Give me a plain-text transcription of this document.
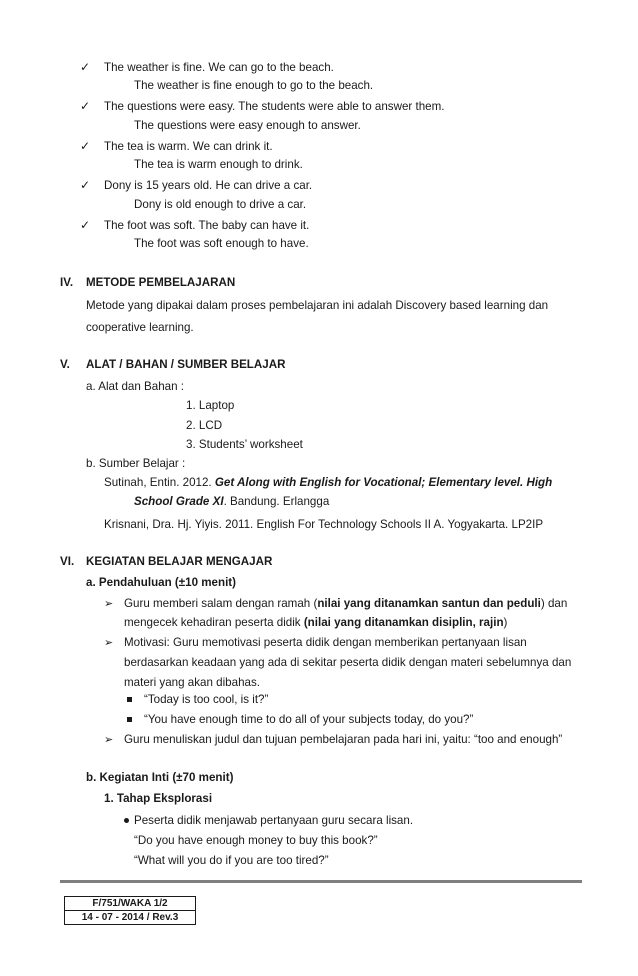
✓ The weather is fine. We can go to the beach.
The weather is fine enough to go to the beach.
✓ The questions were easy. The students were able to answer them.
The questions were easy enough to answer.
✓ The tea is warm. We can drink it.
The tea is warm enough to drink.
✓ Dony is 15 years old. He can drive a car.
Dony is old enough to drive a car.
✓ The foot was soft. The baby can have it.
The foot was soft enough to have.
IV. METODE PEMBELAJARAN
Metode yang dipakai dalam proses pembelajaran ini adalah Discovery based learning dan
cooperative learning.
V. ALAT / BAHAN / SUMBER BELAJAR
a. Alat dan Bahan :
1. Laptop
2. LCD
3. Students’ worksheet
b. Sumber Belajar :
Sutinah, Entin. 2012. Get Along with English for Vocational; Elementary level. High
School Grade XI. Bandung. Erlangga
Krisnani, Dra. Hj. Yiyis. 2011. English For Technology Schools II A. Yogyakarta. LP2IP
VI. KEGIATAN BELAJAR MENGAJAR
a. Pendahuluan (±10 menit)
➢ Guru memberi salam dengan ramah (nilai yang ditanamkan santun dan peduli) dan
mengecek kehadiran peserta didik (nilai yang ditanamkan disiplin, rajin)
➢ Motivasi: Guru memotivasi peserta didik dengan memberikan pertanyaan lisan
berdasarkan keadaan yang ada di sekitar peserta didik dengan materi sebelumnya dan
materi yang akan dibahas.
“Today is too cool, is it?”
“You have enough time to do all of your subjects today, do you?”
➢ Guru menuliskan judul dan tujuan pembelajaran pada hari ini, yaitu: “too and enough”
b. Kegiatan Inti (±70 menit)
1. Tahap Eksplorasi
Peserta didik menjawab pertanyaan guru secara lisan.
“Do you have enough money to buy this book?”
“What will you do if you are too tired?”
F/751/WAKA 1/2
14 - 07 - 2014 / Rev.3
